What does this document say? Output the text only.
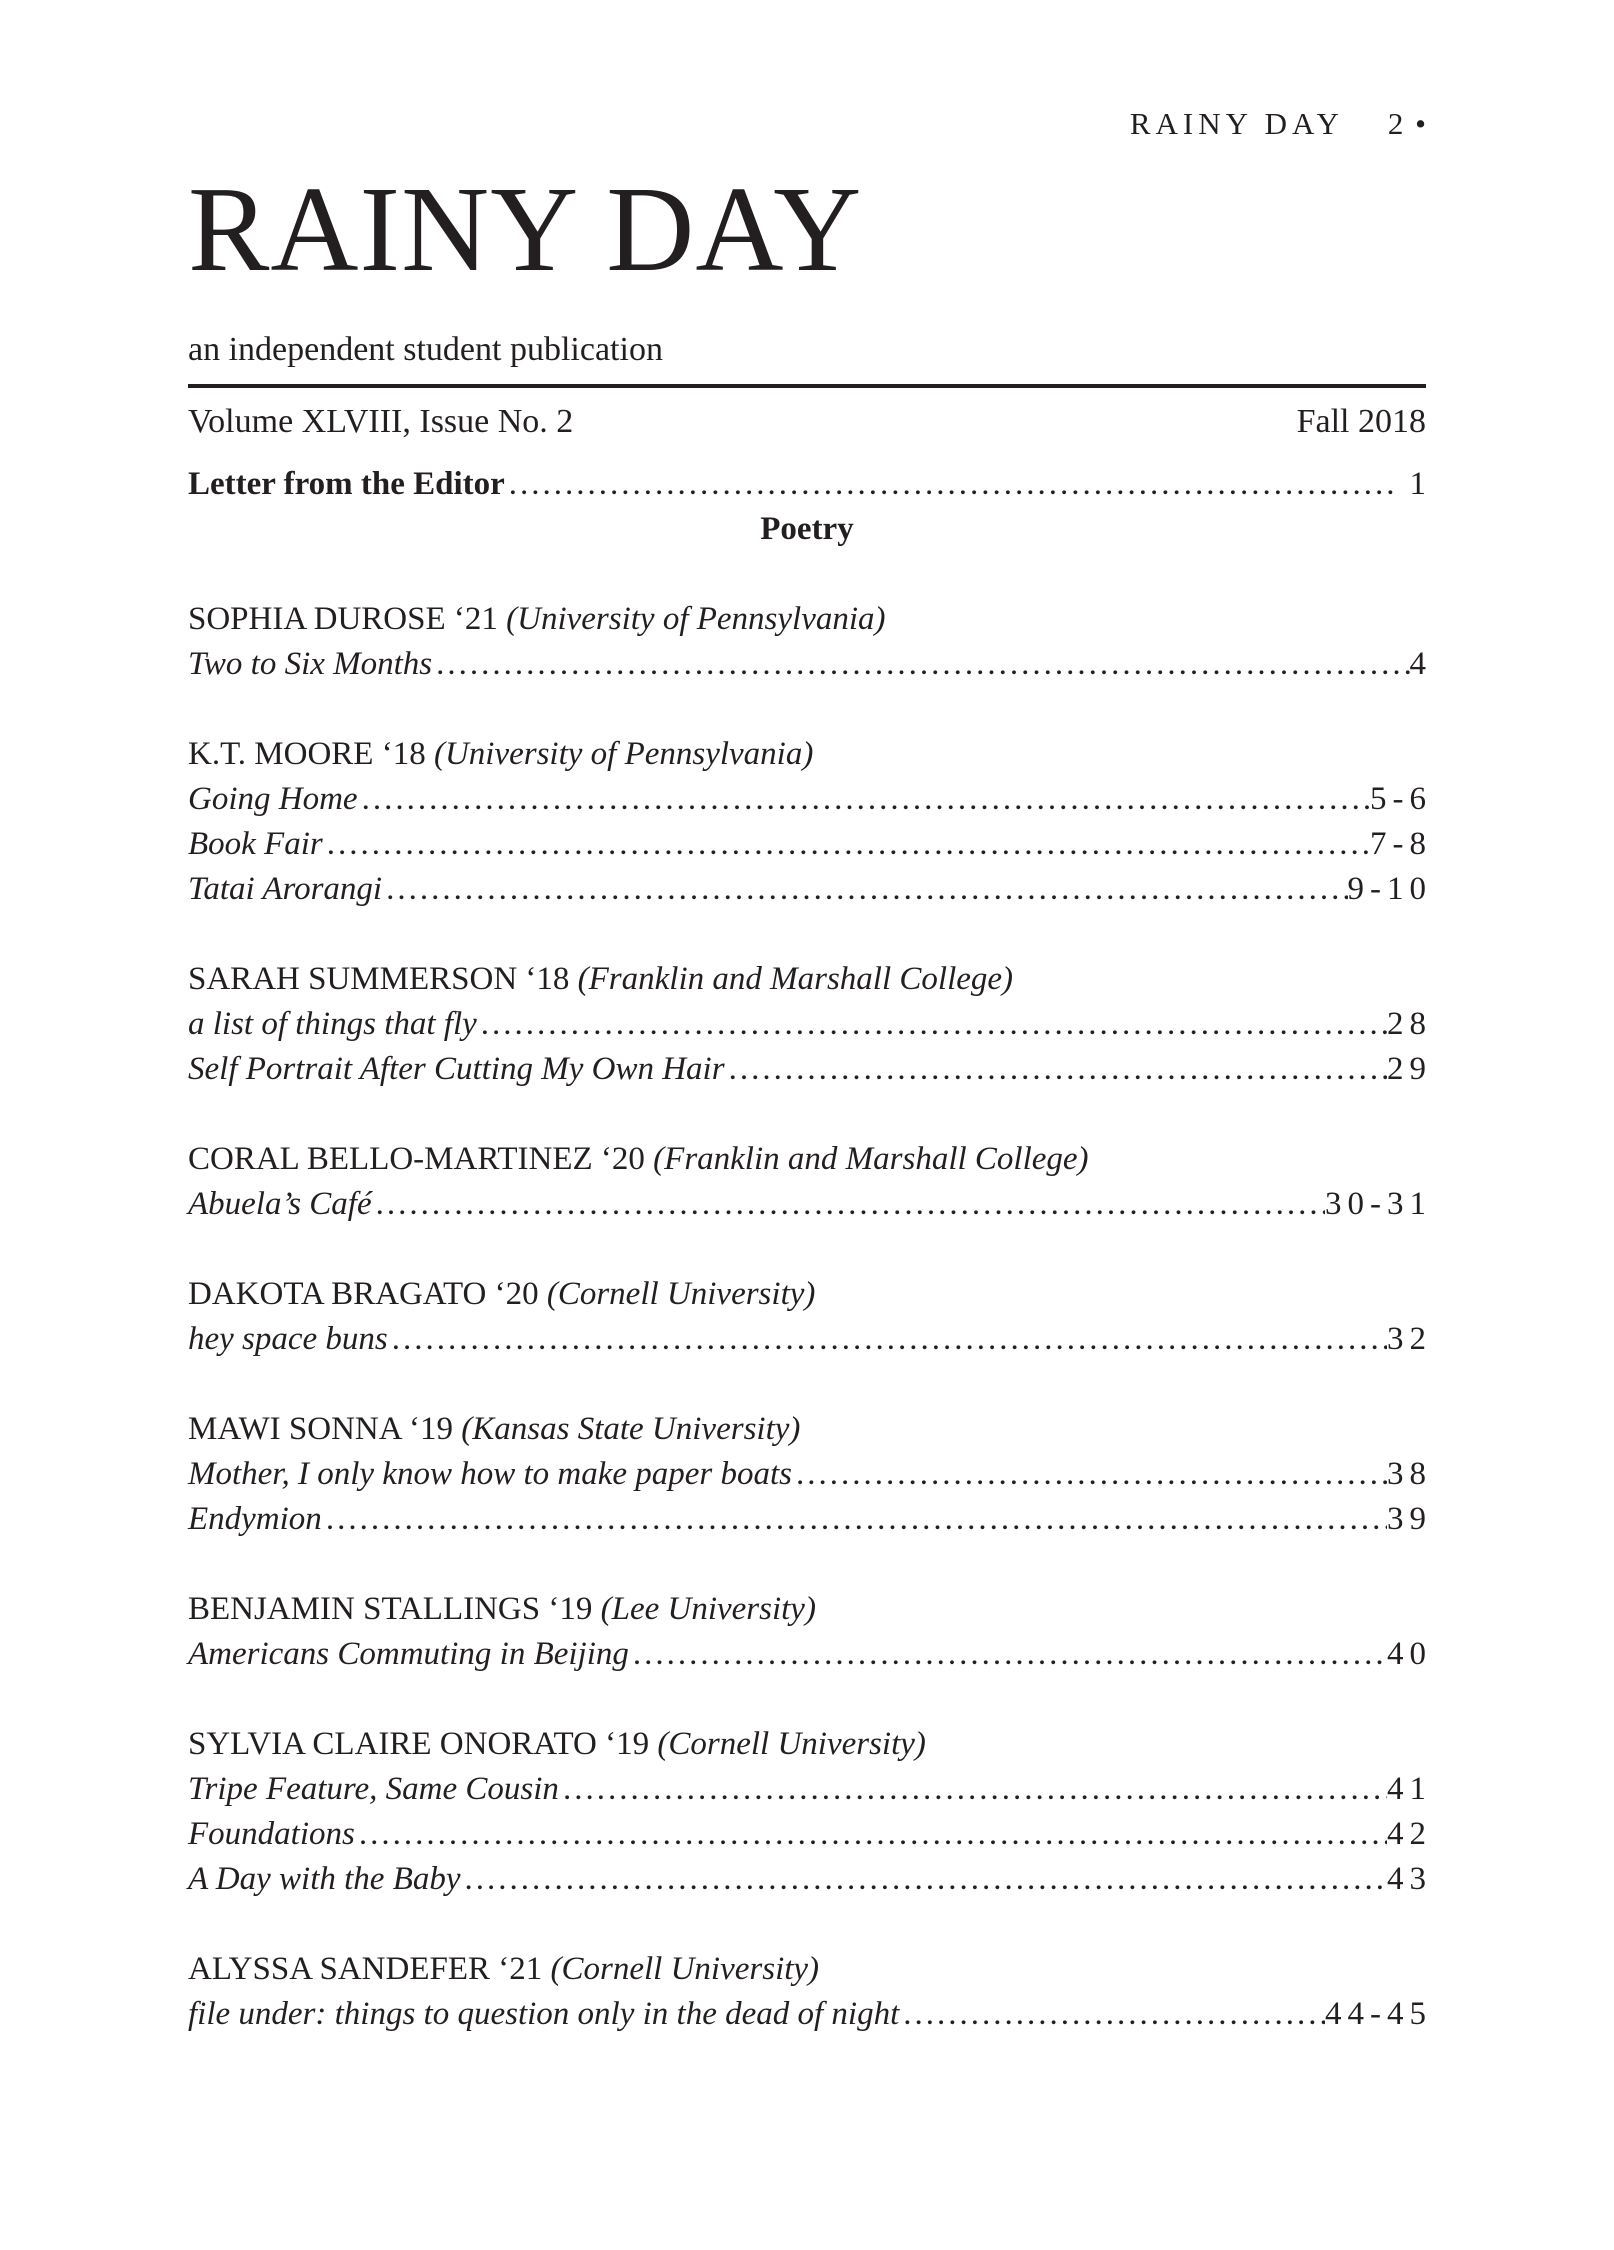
RAINY DAY 2 •
RAINY DAY
an independent student publication
Volume XLVIII, Issue No. 2	Fall 2018
Letter from the Editor .....	1
Poetry
SOPHIA DUROSE ‘21 (University of Pennsylvania)
Two to Six Months .....	4
K.T. MOORE ‘18 (University of Pennsylvania)
Going Home .....	5-6
Book Fair .....	7-8
Tatai Arorangi .....	9-10
SARAH SUMMERSON ‘18 (Franklin and Marshall College)
a list of things that fly .....	28
Self Portrait After Cutting My Own Hair .....	29
CORAL BELLO-MARTINEZ ‘20 (Franklin and Marshall College)
Abuela’s Café .....	30-31
DAKOTA BRAGATO ‘20 (Cornell University)
hey space buns .....	32
MAWI SONNA ‘19 (Kansas State University)
Mother, I only know how to make paper boats .....	38
Endymion .....	39
BENJAMIN STALLINGS ‘19 (Lee University)
Americans Commuting in Beijing .....	40
SYLVIA CLAIRE ONORATO ‘19 (Cornell University)
Tripe Feature, Same Cousin .....	41
Foundations .....	42
A Day with the Baby .....	43
ALYSSA SANDEFER ‘21 (Cornell University)
file under: things to question only in the dead of night .....	44-45
